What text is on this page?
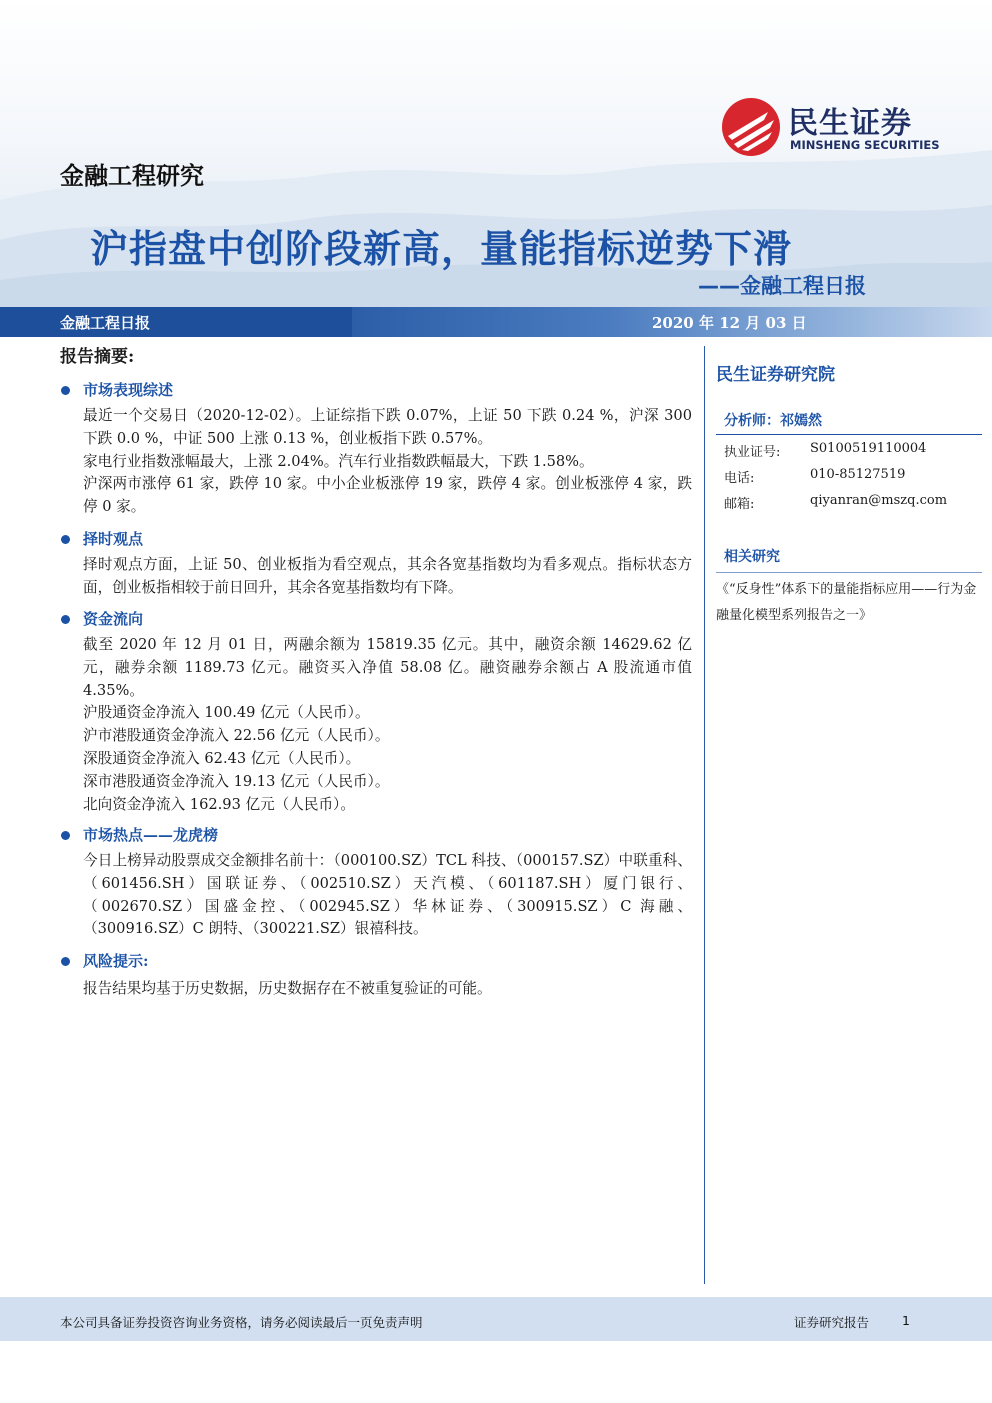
民生证券
MINSHENG SECURITIES
金融工程研究
沪指盘中创阶段新高，量能指标逆势下滑
——金融工程日报
金融工程日报	2020 年 12 月 03 日
报告摘要:
市场表现综述

最近一个交易日（2020-12-02）。上证综指下跌 0.07%，上证 50 下跌 0.24 %，沪深 300 下跌 0.0 %，中证 500 上涨 0.13 %，创业板指下跌 0.57%。

家电行业指数涨幅最大，上涨 2.04%。汽车行业指数跌幅最大，下跌 1.58%。

沪深两市涨停 61 家，跌停 10 家。中小企业板涨停 19 家，跌停 4 家。创业板涨停 4 家，跌停 0 家。

择时观点

择时观点方面，上证 50、创业板指为看空观点，其余各宽基指数均为看多观点。指标状态方面，创业板指相较于前日回升，其余各宽基指数均有下降。

资金流向

截至 2020 年 12 月 01 日，两融余额为 15819.35 亿元。其中，融资余额 14629.62 亿元，融券余额 1189.73 亿元。融资买入净值 58.08 亿。融资融券余额占 A 股流通市值 4.35%。

沪股通资金净流入 100.49 亿元（人民币）。

沪市港股通资金净流入 22.56 亿元（人民币）。

深股通资金净流入 62.43 亿元（人民币）。

深市港股通资金净流入 19.13 亿元（人民币）。

北向资金净流入 162.93 亿元（人民币）。

市场热点——龙虎榜

今日上榜异动股票成交金额排名前十：（000100.SZ）TCL 科技、（000157.SZ）中联重科、（601456.SH）国联证券、（002510.SZ）天汽模、（601187.SH）厦门银行、（002670.SZ）国盛金控、（002945.SZ）华林证券、（300915.SZ）C 海融、（300916.SZ）C 朗特、（300221.SZ）银禧科技。

风险提示:

报告结果均基于历史数据，历史数据存在不被重复验证的可能。

民生证券研究院
分析师：祁嫣然
执业证号: S0100519110004
电话:	010-85127519
邮箱:	qiyanran@mszq.com
相关研究
《“反身性”体系下的量能指标应用——行为金融量化模型系列报告之一》
本公司具备证券投资咨询业务资格，请务必阅读最后一页免责声明	证券研究报告	1
